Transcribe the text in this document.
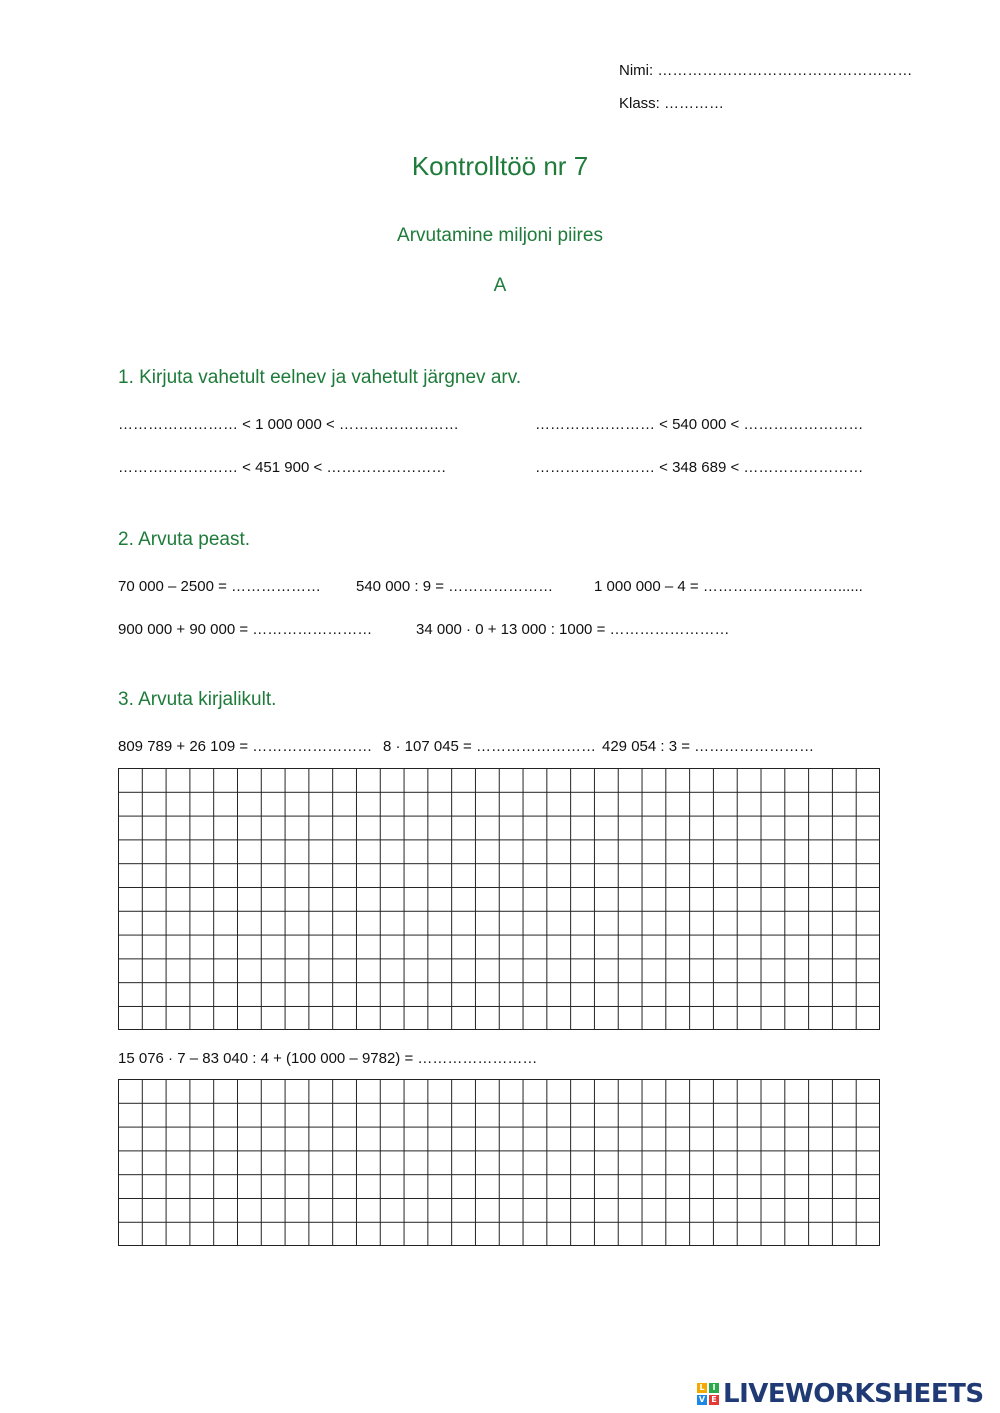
Nimi: ……………………………………………
Klass: …………
Kontrolltöö nr 7
Arvutamine miljoni piires
A
1. Kirjuta vahetult eelnev ja vahetult järgnev arv.
…………………… < 1 000 000 < ……………………	…………………… < 540 000 < ……………………
…………………… < 451 900 < ……………………	…………………… < 348 689 < ……………………
2. Arvuta peast.
70 000 – 2500 = ……………… 540 000 : 9 = …………………	1 000 000 – 4 = ………………………......
900 000 + 90 000 = ……………………	34 000 · 0 + 13 000 : 1000 = ……………………
3. Arvuta kirjalikult.
809 789 + 26 109 = …………………… 8 · 107 045 = …………………… 429 054 : 3 = ……………………
15 076 · 7 – 83 040 : 4 + (100 000 – 9782) = ……………………
L I
V E LIVEWORKSHEETS
